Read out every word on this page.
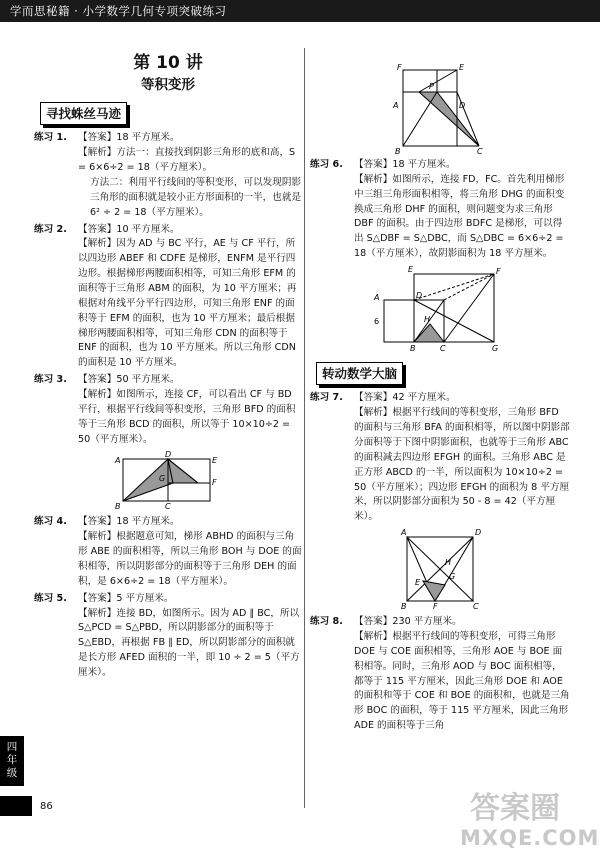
学而思秘籍 · 小学数学几何专项突破练习
第 10 讲
等积变形
寻找蛛丝马迹
练习 1.	【答案】18 平方厘米。

【解析】方法一：直接找到阴影三角形的底和高，S = 6×6÷2 = 18（平方厘米）。

方法二：利用平行线间的等积变形，可以发现阴影三角形的面积就是较小正方形面积的一半，也就是 6² ÷ 2 = 18（平方厘米）。

练习 2.	【答案】10 平方厘米。

【解析】因为 AD 与 BC 平行，AE 与 CF 平行，所以四边形 ABEF 和 CDFE 是梯形，ENFM 是平行四边形。根据梯形两腰面积相等，可知三角形 EFM 的面积等于三角形 ABM 的面积，为 10 平方厘米；再根据对角线平分平行四边形，可知三角形 ENF 的面积等于 EFM 的面积，也为 10 平方厘米；最后根据梯形两腰面积相等，可知三角形 CDN 的面积等于 ENF 的面积，也为 10 平方厘米。所以三角形 CDN 的面积是 10 平方厘米。

练习 3.	【答案】50 平方厘米。

【解析】如图所示，连接 CF，可以看出 CF 与 BD 平行，根据平行线间等积变形，三角形 BFD 的面积等于三角形 BCD 的面积，所以等于 10×10÷2 = 50（平方厘米）。

A
D
G
E
F
B	C
练习 4.	【答案】18 平方厘米。

【解析】根据题意可知，梯形 ABHD 的面积与三角形 ABE 的面积相等，所以三角形 BOH 与 DOE 的面积相等，所以阴影部分的面积等于三角形 DEH 的面积，是 6×6÷2 = 18（平方厘米）。

练习 5.	【答案】5 平方厘米。

【解析】连接 BD，如图所示。因为 AD ∥ BC，所以 S△PCD = S△PBD，所以阴影部分的面积等于 S△EBD，再根据 FB ∥ ED，所以阴影部分的面积就是长方形 AFED 面积的一半，即 10 ÷ 2 = 5（平方厘米）。

F	E
P
A	D
B	C
练习 6.	【答案】18 平方厘米。

【解析】如图所示，连接 FD，FC。首先利用梯形中三组三角形面积相等，将三角形 DHG 的面积变换成三角形 DHF 的面积，则问题变为求三角形 DBF 的面积。由于四边形 BDFC 是梯形，可以得出 S△DBF = S△DBC，而 S△DBC = 6×6÷2 = 18（平方厘米），故阴影面积为 18 平方厘米。

E	F
A	D
H
6
B	C	G
转动数学大脑
练习 7.	【答案】42 平方厘米。

【解析】根据平行线间的等积变形，三角形 BFD 的面积与三角形 BFA 的面积相等，所以图中阴影部分面积等于下图中阴影面积，也就等于三角形 ABC 的面积减去四边形 EFGH 的面积。三角形 ABC 是正方形 ABCD 的一半，所以面积为 10×10÷2 = 50（平方厘米）；四边形 EFGH 的面积为 8 平方厘米，所以阴影部分面积为 50 - 8 = 42（平方厘米）。

A	D
H
G
E
B	F	C
练习 8.	【答案】230 平方厘米。

【解析】根据平行线间的等积变形，可得三角形 DOE 与 COE 面积相等，三角形 AOE 与 BOE 面积相等。同时，三角形 AOD 与 BOC 面积相等，都等于 115 平方厘米，因此三角形 DOE 和 AOE 的面积和等于 COE 和 BOE 的面积和，也就是三角形 BOC 的面积，等于 115 平方厘米，因此三角形 ADE 的面积等于三角

四
年
级
86	答案圈
MXQE.COM
